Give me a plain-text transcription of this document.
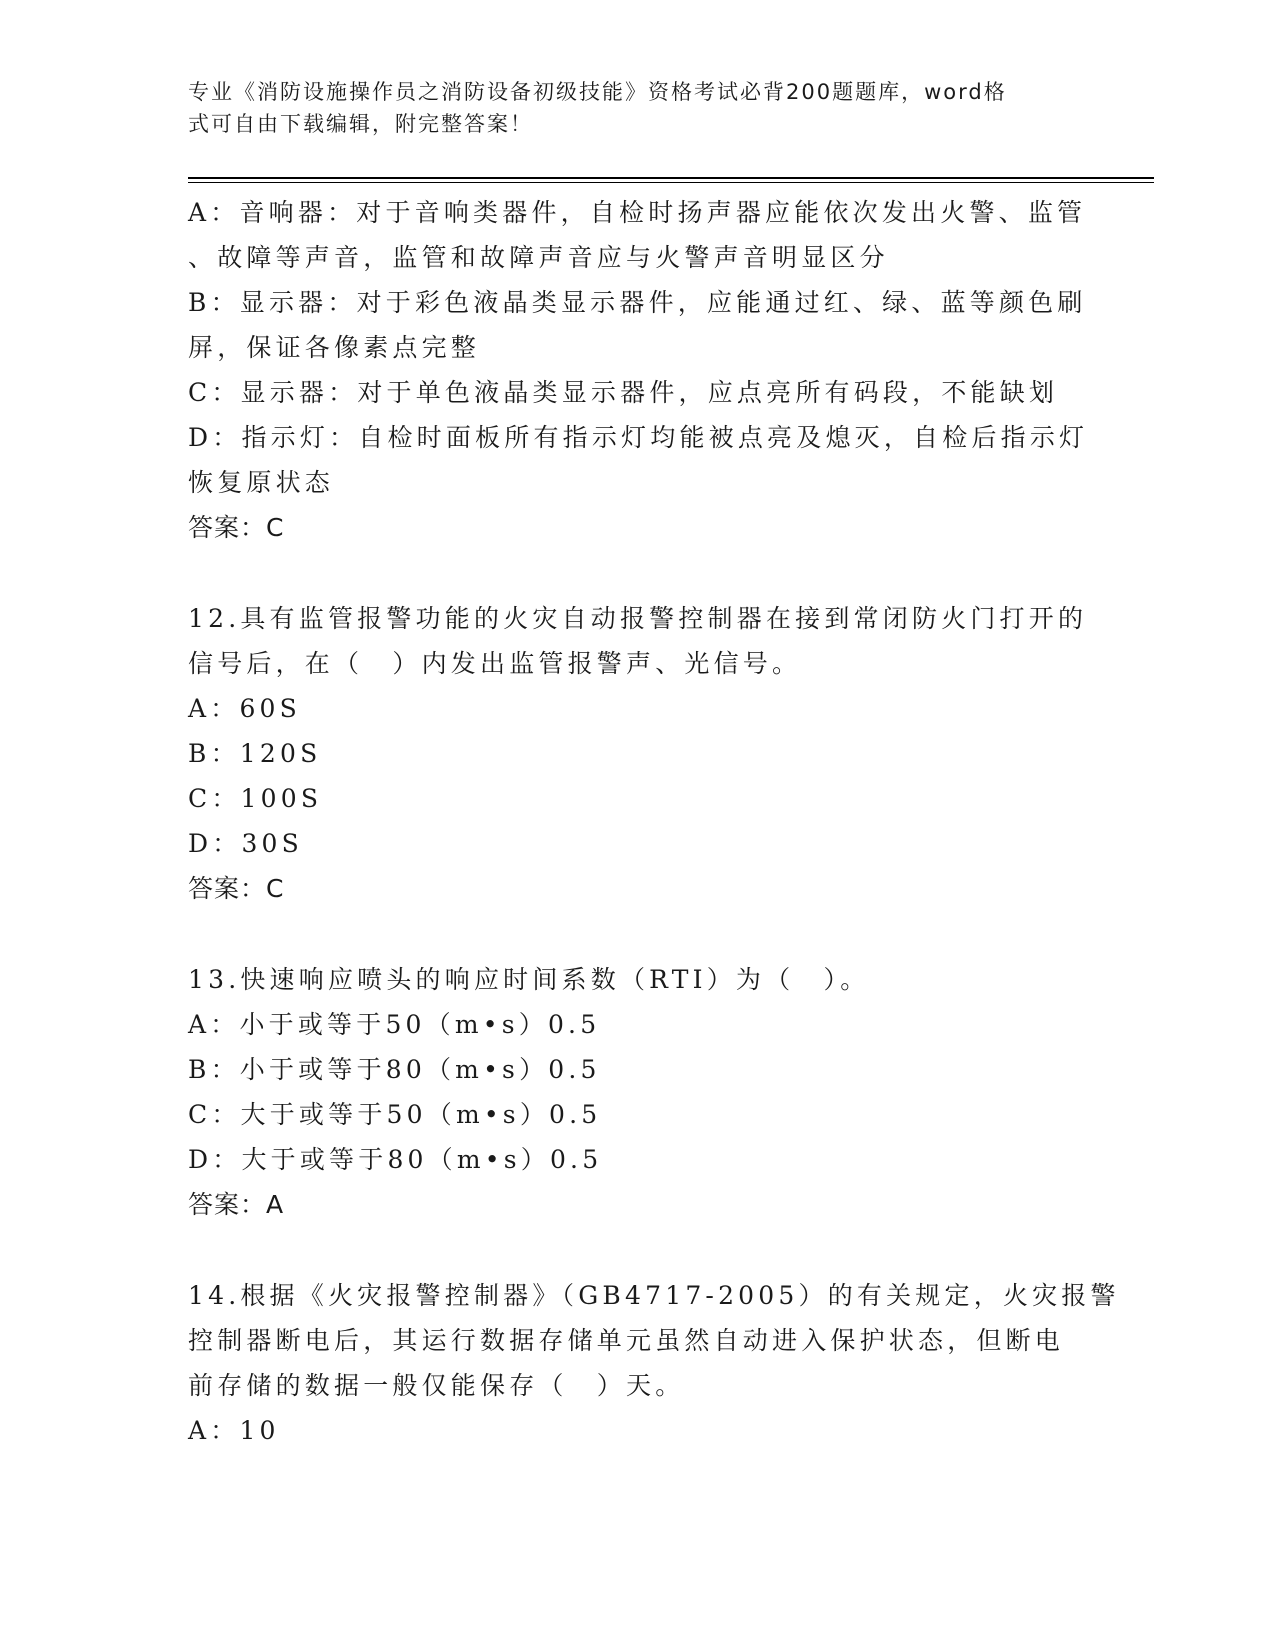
专业《消防设施操作员之消防设备初级技能》资格考试必背200题题库，word格
式可自由下载编辑，附完整答案！
A：音响器：对于音响类器件，自检时扬声器应能依次发出火警、监管
、故障等声音，监管和故障声音应与火警声音明显区分
B：显示器：对于彩色液晶类显示器件，应能通过红、绿、蓝等颜色刷
屏，保证各像素点完整
C：显示器：对于单色液晶类显示器件，应点亮所有码段，不能缺划
D：指示灯：自检时面板所有指示灯均能被点亮及熄灭，自检后指示灯
恢复原状态
答案：C
12.具有监管报警功能的火灾自动报警控制器在接到常闭防火门打开的
信号后，在（　）内发出监管报警声、光信号。
A：60S
B：120S
C：100S
D：30S
答案：C
13.快速响应喷头的响应时间系数（RTI）为（　）。
A：小于或等于50（m•s）0.5
B：小于或等于80（m•s）0.5
C：大于或等于50（m•s）0.5
D：大于或等于80（m•s）0.5
答案：A
14.根据《火灾报警控制器》（GB4717-2005）的有关规定，火灾报警
控制器断电后，其运行数据存储单元虽然自动进入保护状态，但断电
前存储的数据一般仅能保存（　）天。
A：10
